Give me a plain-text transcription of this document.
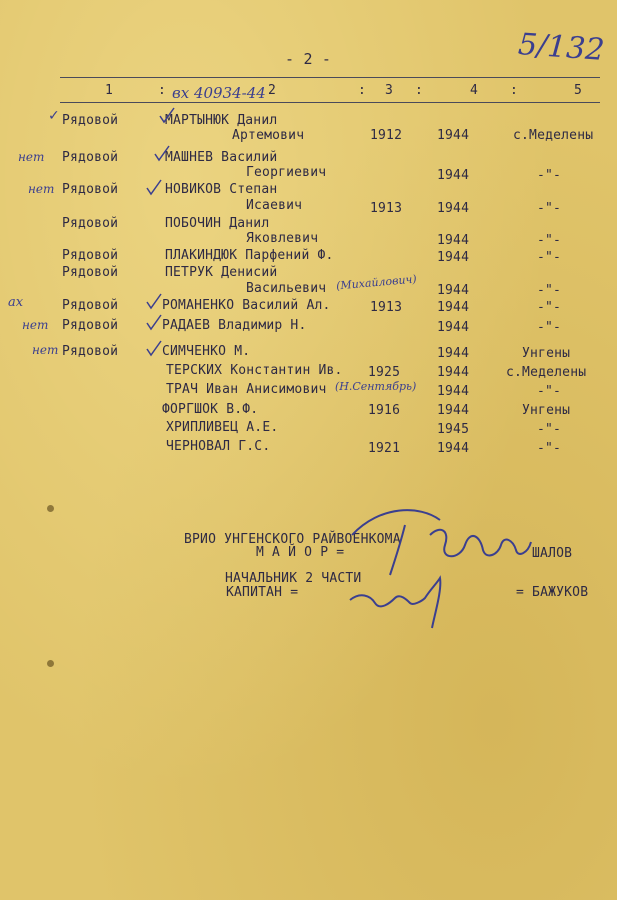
- 2 -	5/132
1	:	2	: 3 :	4 :	5
вх 40934-44
✓ Рядовой	МАРТЫНЮК Данил
Артемович	1912	1944	с.Меделены
нет Рядовой	МАШНЕВ Василий
Георгиевич	1944	-"-
нет Рядовой	НОВИКОВ Степан
Исаевич	1913	1944	-"-
Рядовой	ПОБОЧИН Данил
Яковлевич	1944	-"-
Рядовой	ПЛАКИНДЮК Парфений Ф.	1944	-"-
Рядовой	ПЕТРУК Денисий
Васильевич (Михайлович) 1944	-"-
ах	Рядовой	РОМАНЕНКО Василий Ал.	1913	1944	-"-
нет Рядовой	РАДАЕВ Владимир Н.	1944	-"-
нет Рядовой	СИМЧЕНКО М.	1944	Унгены
ТЕРСКИХ Константин Ив. 1925	1944	с.Меделены
ТРАЧ Иван Анисимович (Н.Сентябрь) 1944	-"-
ФОРГШОК В.Ф.	1916	1944	Унгены
ХРИПЛИВЕЦ А.Е.	1945	-"-
ЧЕРНОВАЛ Г.С.	1921	1944	-"-
ВРИО УНГЕНСКОГО РАЙВОЕНКОМА
М А Й О Р =	ШАЛОВ
НАЧАЛЬНИК 2 ЧАСТИ
КАПИТАН =	= БАЖУКОВ
